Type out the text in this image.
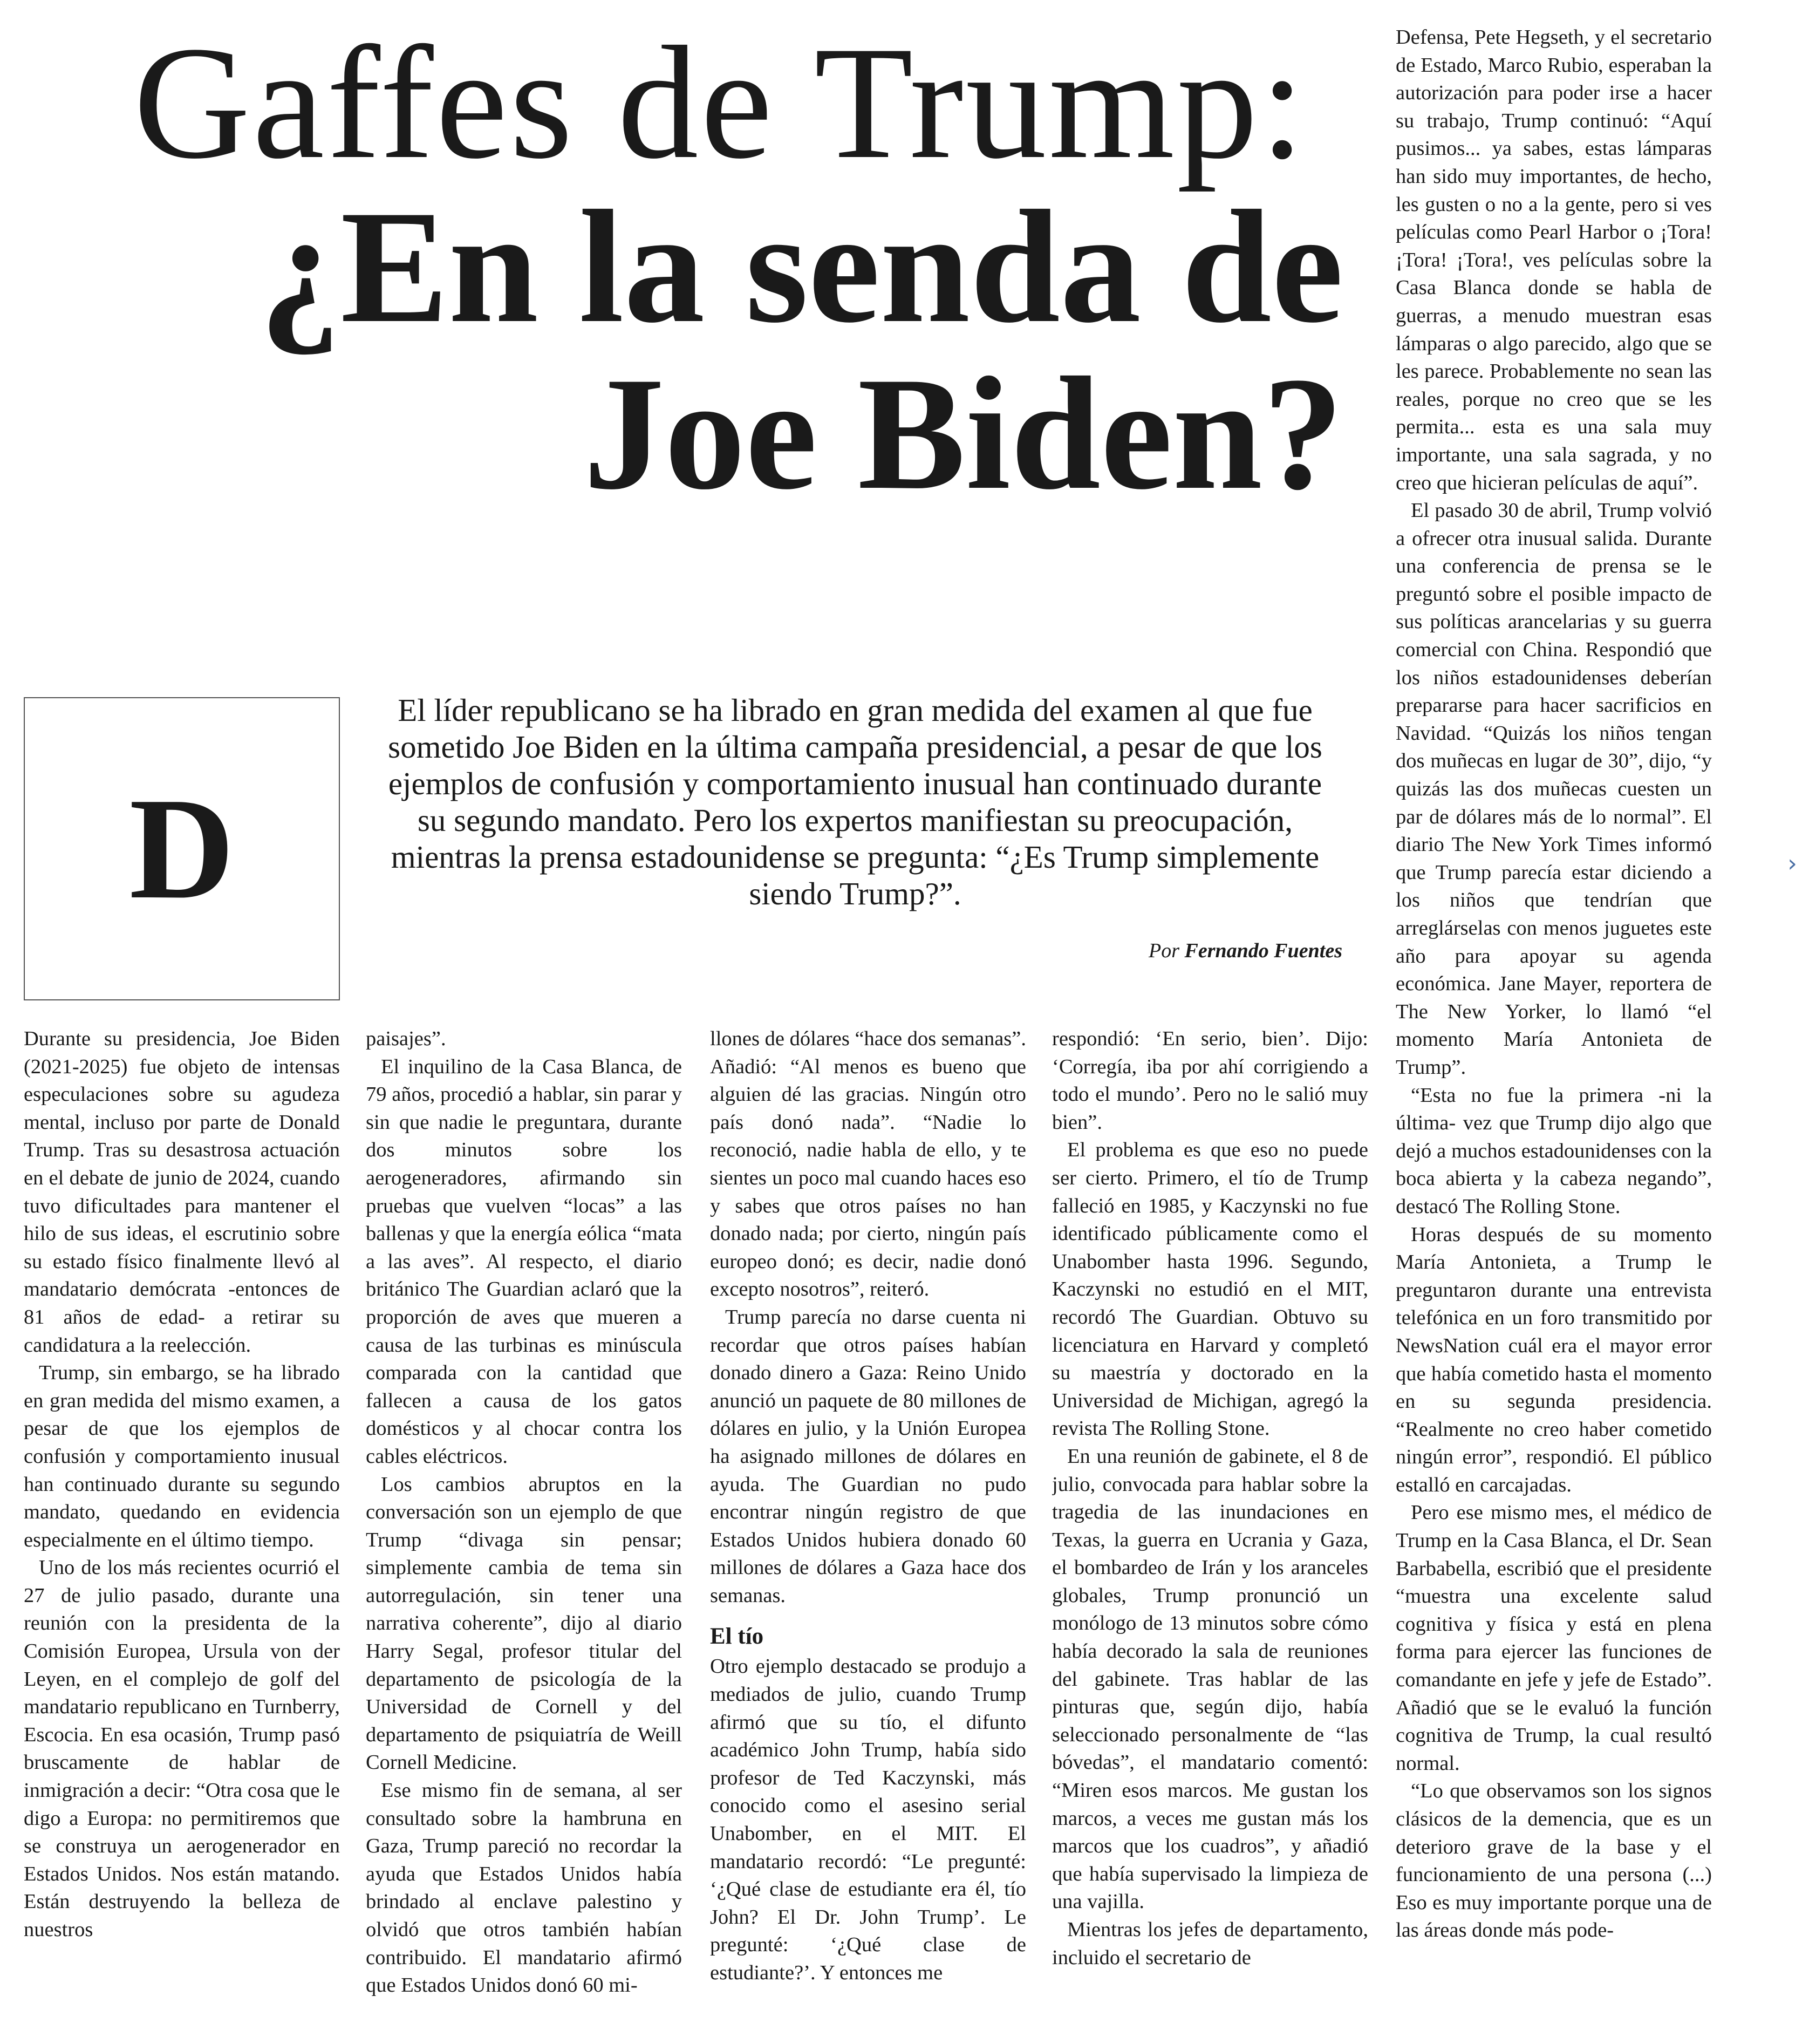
Gaffes de Trump:
¿En la senda de Joe Biden?
D

El líder republicano se ha librado en gran medida del examen al que fue sometido Joe Biden en la última campaña presidencial, a pesar de que los ejemplos de confusión y comportamiento inusual han continuado durante su segundo mandato. Pero los expertos manifiestan su preocupación, mientras la prensa estadounidense se pregunta: “¿Es Trump simplemente siendo Trump?”.

Por Fernando Fuentes

Durante su presidencia, Joe Biden (2021-2025) fue objeto de intensas especulaciones sobre su agudeza mental, incluso por parte de Donald Trump. Tras su desastrosa actuación en el debate de junio de 2024, cuando tuvo dificultades para mantener el hilo de sus ideas, el escrutinio sobre su estado físico finalmente llevó al mandatario demócrata -entonces de 81 años de edad- a retirar su candidatura a la reelección.

Trump, sin embargo, se ha librado en gran medida del mismo examen, a pesar de que los ejemplos de confusión y comportamiento inusual han continuado durante su segundo mandato, quedando en evidencia especialmente en el último tiempo.

Uno de los más recientes ocurrió el 27 de julio pasado, durante una reunión con la presidenta de la Comisión Europea, Ursula von der Leyen, en el complejo de golf del mandatario republicano en Turnberry, Escocia. En esa ocasión, Trump pasó bruscamente de hablar de inmigración a decir: “Otra cosa que le digo a Europa: no permitiremos que se construya un aerogenerador en Estados Unidos. Nos están matando. Están destruyendo la belleza de nuestros

paisajes”.

El inquilino de la Casa Blanca, de 79 años, procedió a hablar, sin parar y sin que nadie le preguntara, durante dos minutos sobre los aerogeneradores, afirmando sin pruebas que vuelven “locas” a las ballenas y que la energía eólica “mata a las aves”. Al respecto, el diario británico The Guardian aclaró que la proporción de aves que mueren a causa de las turbinas es minúscula comparada con la cantidad que fallecen a causa de los gatos domésticos y al chocar contra los cables eléctricos.

Los cambios abruptos en la conversación son un ejemplo de que Trump “divaga sin pensar; simplemente cambia de tema sin autorregulación, sin tener una narrativa coherente”, dijo al diario Harry Segal, profesor titular del departamento de psicología de la Universidad de Cornell y del departamento de psiquiatría de Weill Cornell Medicine.

Ese mismo fin de semana, al ser consultado sobre la hambruna en Gaza, Trump pareció no recordar la ayuda que Estados Unidos había brindado al enclave palestino y olvidó que otros también habían contribuido. El mandatario afirmó que Estados Unidos donó 60 mi-

llones de dólares “hace dos semanas”. Añadió: “Al menos es bueno que alguien dé las gracias. Ningún otro país donó nada”. “Nadie lo reconoció, nadie habla de ello, y te sientes un poco mal cuando haces eso y sabes que otros países no han donado nada; por cierto, ningún país europeo donó; es decir, nadie donó excepto nosotros”, reiteró.

Trump parecía no darse cuenta ni recordar que otros países habían donado dinero a Gaza: Reino Unido anunció un paquete de 80 millones de dólares en julio, y la Unión Europea ha asignado millones de dólares en ayuda. The Guardian no pudo encontrar ningún registro de que Estados Unidos hubiera donado 60 millones de dólares a Gaza hace dos semanas.

El tío

Otro ejemplo destacado se produjo a mediados de julio, cuando Trump afirmó que su tío, el difunto académico John Trump, había sido profesor de Ted Kaczynski, más conocido como el asesino serial Unabomber, en el MIT. El mandatario recordó: “Le pregunté: ‘¿Qué clase de estudiante era él, tío John? El Dr. John Trump’. Le pregunté: ‘¿Qué clase de estudiante?’. Y entonces me

respondió: ‘En serio, bien’. Dijo: ‘Corregía, iba por ahí corrigiendo a todo el mundo’. Pero no le salió muy bien”.

El problema es que eso no puede ser cierto. Primero, el tío de Trump falleció en 1985, y Kaczynski no fue identificado públicamente como el Unabomber hasta 1996. Segundo, Kaczynski no estudió en el MIT, recordó The Guardian. Obtuvo su licenciatura en Harvard y completó su maestría y doctorado en la Universidad de Michigan, agregó la revista The Rolling Stone.

En una reunión de gabinete, el 8 de julio, convocada para hablar sobre la tragedia de las inundaciones en Texas, la guerra en Ucrania y Gaza, el bombardeo de Irán y los aranceles globales, Trump pronunció un monólogo de 13 minutos sobre cómo había decorado la sala de reuniones del gabinete. Tras hablar de las pinturas que, según dijo, había seleccionado personalmente de “las bóvedas”, el mandatario comentó: “Miren esos marcos. Me gustan los marcos, a veces me gustan más los marcos que los cuadros”, y añadió que había supervisado la limpieza de una vajilla.

Mientras los jefes de departamento, incluido el secretario de

Defensa, Pete Hegseth, y el secretario de Estado, Marco Rubio, esperaban la autorización para poder irse a hacer su trabajo, Trump continuó: “Aquí pusimos... ya sabes, estas lámparas han sido muy importantes, de hecho, les gusten o no a la gente, pero si ves películas como Pearl Harbor o ¡Tora! ¡Tora! ¡Tora!, ves películas sobre la Casa Blanca donde se habla de guerras, a menudo muestran esas lámparas o algo parecido, algo que se les parece. Probablemente no sean las reales, porque no creo que se les permita... esta es una sala muy importante, una sala sagrada, y no creo que hicieran películas de aquí”.

El pasado 30 de abril, Trump volvió a ofrecer otra inusual salida. Durante una conferencia de prensa se le preguntó sobre el posible impacto de sus políticas arancelarias y su guerra comercial con China. Respondió que los niños estadounidenses deberían prepararse para hacer sacrificios en Navidad. “Quizás los niños tengan dos muñecas en lugar de 30”, dijo, “y quizás las dos muñecas cuesten un par de dólares más de lo normal”. El diario The New York Times informó que Trump parecía estar diciendo a los niños que tendrían que arreglárselas con menos juguetes este año para apoyar su agenda económica. Jane Mayer, reportera de The New Yorker, lo llamó “el momento María Antonieta de Trump”.

“Esta no fue la primera -ni la última- vez que Trump dijo algo que dejó a muchos estadounidenses con la boca abierta y la cabeza negando”, destacó The Rolling Stone.

Horas después de su momento María Antonieta, a Trump le preguntaron durante una entrevista telefónica en un foro transmitido por NewsNation cuál era el mayor error que había cometido hasta el momento en su segunda presidencia. “Realmente no creo haber cometido ningún error”, respondió. El público estalló en carcajadas.

Pero ese mismo mes, el médico de Trump en la Casa Blanca, el Dr. Sean Barbabella, escribió que el presidente “muestra una excelente salud cognitiva y física y está en plena forma para ejercer las funciones de comandante en jefe y jefe de Estado”. Añadió que se le evaluó la función cognitiva de Trump, la cual resultó normal.

“Lo que observamos son los signos clásicos de la demencia, que es un deterioro grave de la base y el funcionamiento de una persona (...) Eso es muy importante porque una de las áreas donde más pode-

›
